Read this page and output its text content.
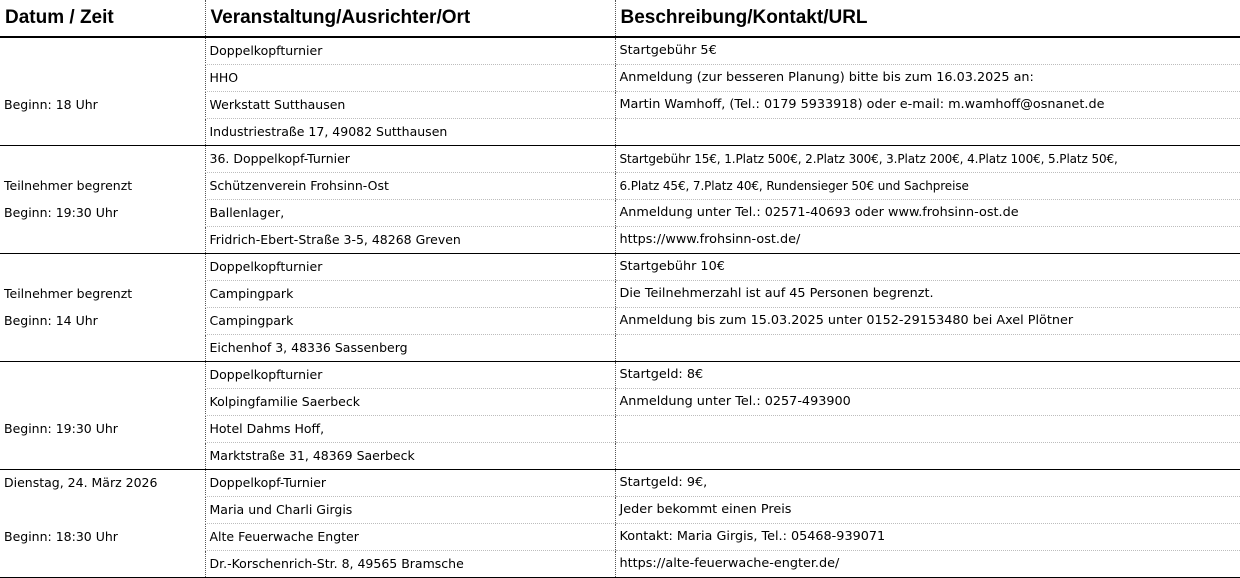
Datum / Zeit	Veranstaltung/Ausrichter/Ort	Beschreibung/Kontakt/URL
	Doppelkopfturnier	Startgebühr 5€
	HHO	Anmeldung (zur besseren Planung) bitte bis zum 16.03.2025 an:
Beginn: 18 Uhr	Werkstatt Sutthausen	Martin Wamhoff, (Tel.: 0179 5933918) oder e-mail: m.wamhoff@osnanet.de
	Industriestraße 17, 49082 Sutthausen	
	36. Doppelkopf-Turnier	Startgebühr 15€, 1.Platz 500€, 2.Platz 300€, 3.Platz 200€, 4.Platz 100€, 5.Platz 50€,
Teilnehmer begrenzt	Schützenverein Frohsinn-Ost	6.Platz 45€, 7.Platz 40€, Rundensieger 50€ und Sachpreise
Beginn: 19:30 Uhr	Ballenlager,	Anmeldung unter Tel.: 02571-40693 oder www.frohsinn-ost.de
	Fridrich-Ebert-Straße 3-5, 48268 Greven	https://www.frohsinn-ost.de/
	Doppelkopfturnier	Startgebühr 10€
Teilnehmer begrenzt	Campingpark	Die Teilnehmerzahl ist auf 45 Personen begrenzt.
Beginn: 14 Uhr	Campingpark	Anmeldung bis zum 15.03.2025 unter 0152-29153480 bei Axel Plötner
	Eichenhof 3, 48336 Sassenberg	
	Doppelkopfturnier	Startgeld: 8€
	Kolpingfamilie Saerbeck	Anmeldung unter Tel.: 0257-493900
Beginn: 19:30 Uhr	Hotel Dahms Hoff,	
	Marktstraße 31, 48369 Saerbeck	
Dienstag, 24. März 2026	Doppelkopf-Turnier	Startgeld: 9€,
	Maria und Charli Girgis	Jeder bekommt einen Preis
Beginn: 18:30 Uhr	Alte Feuerwache Engter	Kontakt: Maria Girgis, Tel.: 05468-939071
	Dr.-Korschenrich-Str. 8, 49565 Bramsche	https://alte-feuerwache-engter.de/
